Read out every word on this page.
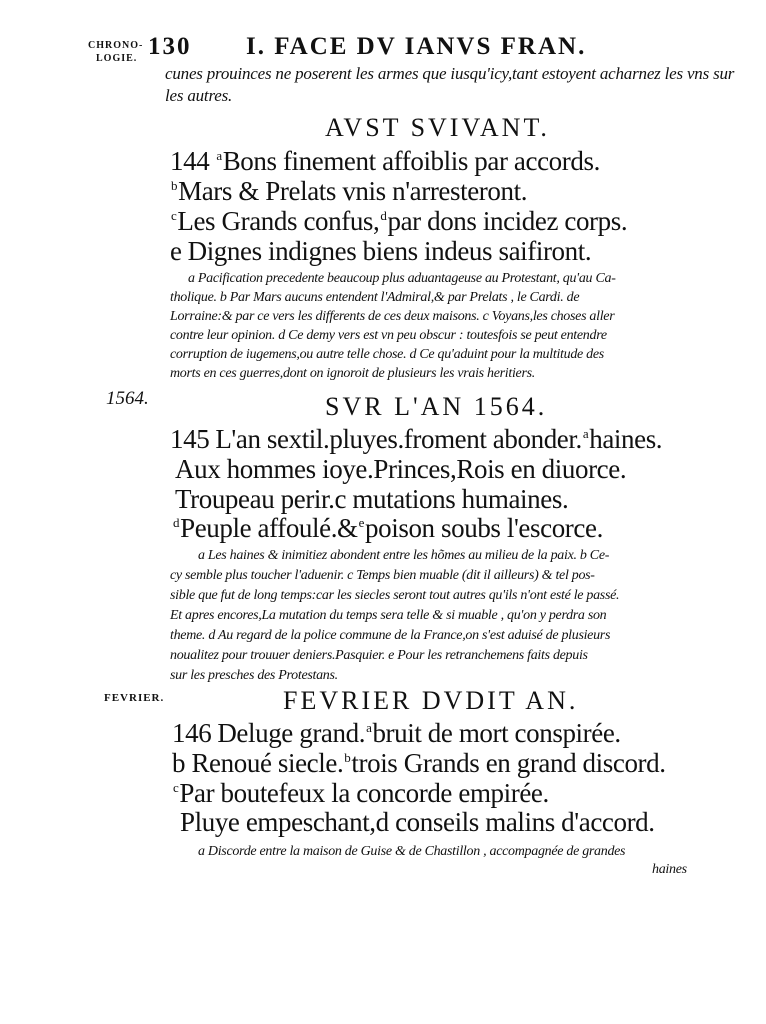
CHRONO-
LOGIE. 130 I. FACE DV IANVS FRAN.
cunes prouinces ne poserent les armes que iusqu'icy,tant estoyent acharnez les vns sur
les autres.
AVST SVIVANT.
144 $^a$Bons finement affoiblis par accords.
$^b$Mars & Prelats vnis n'arresteront.
$^c$Les Grands confus,$^d$par dons incidez corps.
e Dignes indignes biens indeus saifiront.
a Pacification precedente beaucoup plus aduantageuse au Protestant, qu'au Ca-
tholique. b Par Mars aucuns entendent l'Admiral,& par Prelats , le Cardi. de
Lorraine:& par ce vers les differents de ces deux maisons. c Voyans,les choses aller
contre leur opinion. d Ce demy vers est vn peu obscur : toutesfois se peut entendre
corruption de iugemens,ou autre telle chose. d Ce qu'aduint pour la multitude des
morts en ces guerres,dont on ignoroit de plusieurs les vrais heritiers.
1564.	SVR L'AN 1564.
145 L'an sextil.pluyes.froment abonder.$^a$haines.
Aux hommes ioye.Princes,Rois en diuorce.
Troupeau perir.c mutations humaines.
$^d$Peuple affoulé.&$^e$poison soubs l'escorce.
a Les haines & inimitiez abondent entre les hõmes au milieu de la paix. b Ce-
cy semble plus toucher l'aduenir. c Temps bien muable (dit il ailleurs) & tel pos-
sible que fut de long temps:car les siecles seront tout autres qu'ils n'ont esté le passé.
Et apres encores,La mutation du temps sera telle & si muable , qu'on y perdra son
theme. d Au regard de la police commune de la France,on s'est aduisé de plusieurs
noualitez pour trouuer deniers.Pasquier. e Pour les retranchemens faits depuis
sur les presches des Protestans.
FEVRIER.	FEVRIER DVDIT AN.
146 Deluge grand.$^a$bruit de mort conspirée.
b Renoué siecle.$^b$trois Grands en grand discord.
$^c$Par boutefeux la concorde empirée.
Pluye empeschant,d conseils malins d'accord.
a Discorde entre la maison de Guise & de Chastillon , accompagnée de grandes
haines
